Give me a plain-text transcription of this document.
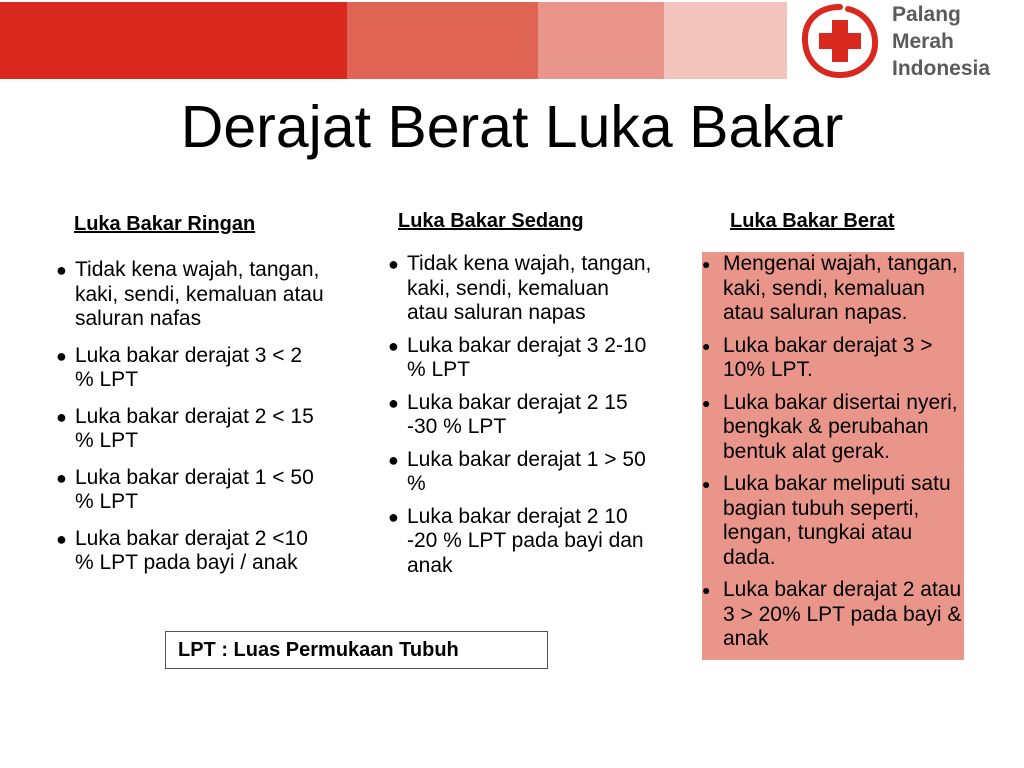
Palang
Merah
Indonesia
Derajat Berat Luka Bakar
Luka Bakar Ringan
● Tidak kena wajah, tangan, kaki, sendi, kemaluan atau saluran nafas
● Luka bakar derajat 3 < 2 % LPT
● Luka bakar derajat 2 < 15 % LPT
● Luka bakar derajat 1 < 50 % LPT
● Luka bakar derajat 2 <10 % LPT pada bayi / anak
Luka Bakar Sedang
● Tidak kena wajah, tangan, kaki, sendi, kemaluan atau saluran napas
● Luka bakar derajat 3 2-10 % LPT
● Luka bakar derajat 2 15 -30 % LPT
● Luka bakar derajat 1 > 50 %
● Luka bakar derajat 2 10 -20 % LPT pada bayi dan anak
Luka Bakar Berat
● Mengenai wajah, tangan, kaki, sendi, kemaluan atau saluran napas.
● Luka bakar derajat 3 > 10% LPT.
● Luka bakar disertai nyeri, bengkak & perubahan bentuk alat gerak.
● Luka bakar meliputi satu bagian tubuh seperti, lengan, tungkai atau dada.
● Luka bakar derajat 2 atau 3 > 20% LPT pada bayi & anak
LPT : Luas Permukaan Tubuh
